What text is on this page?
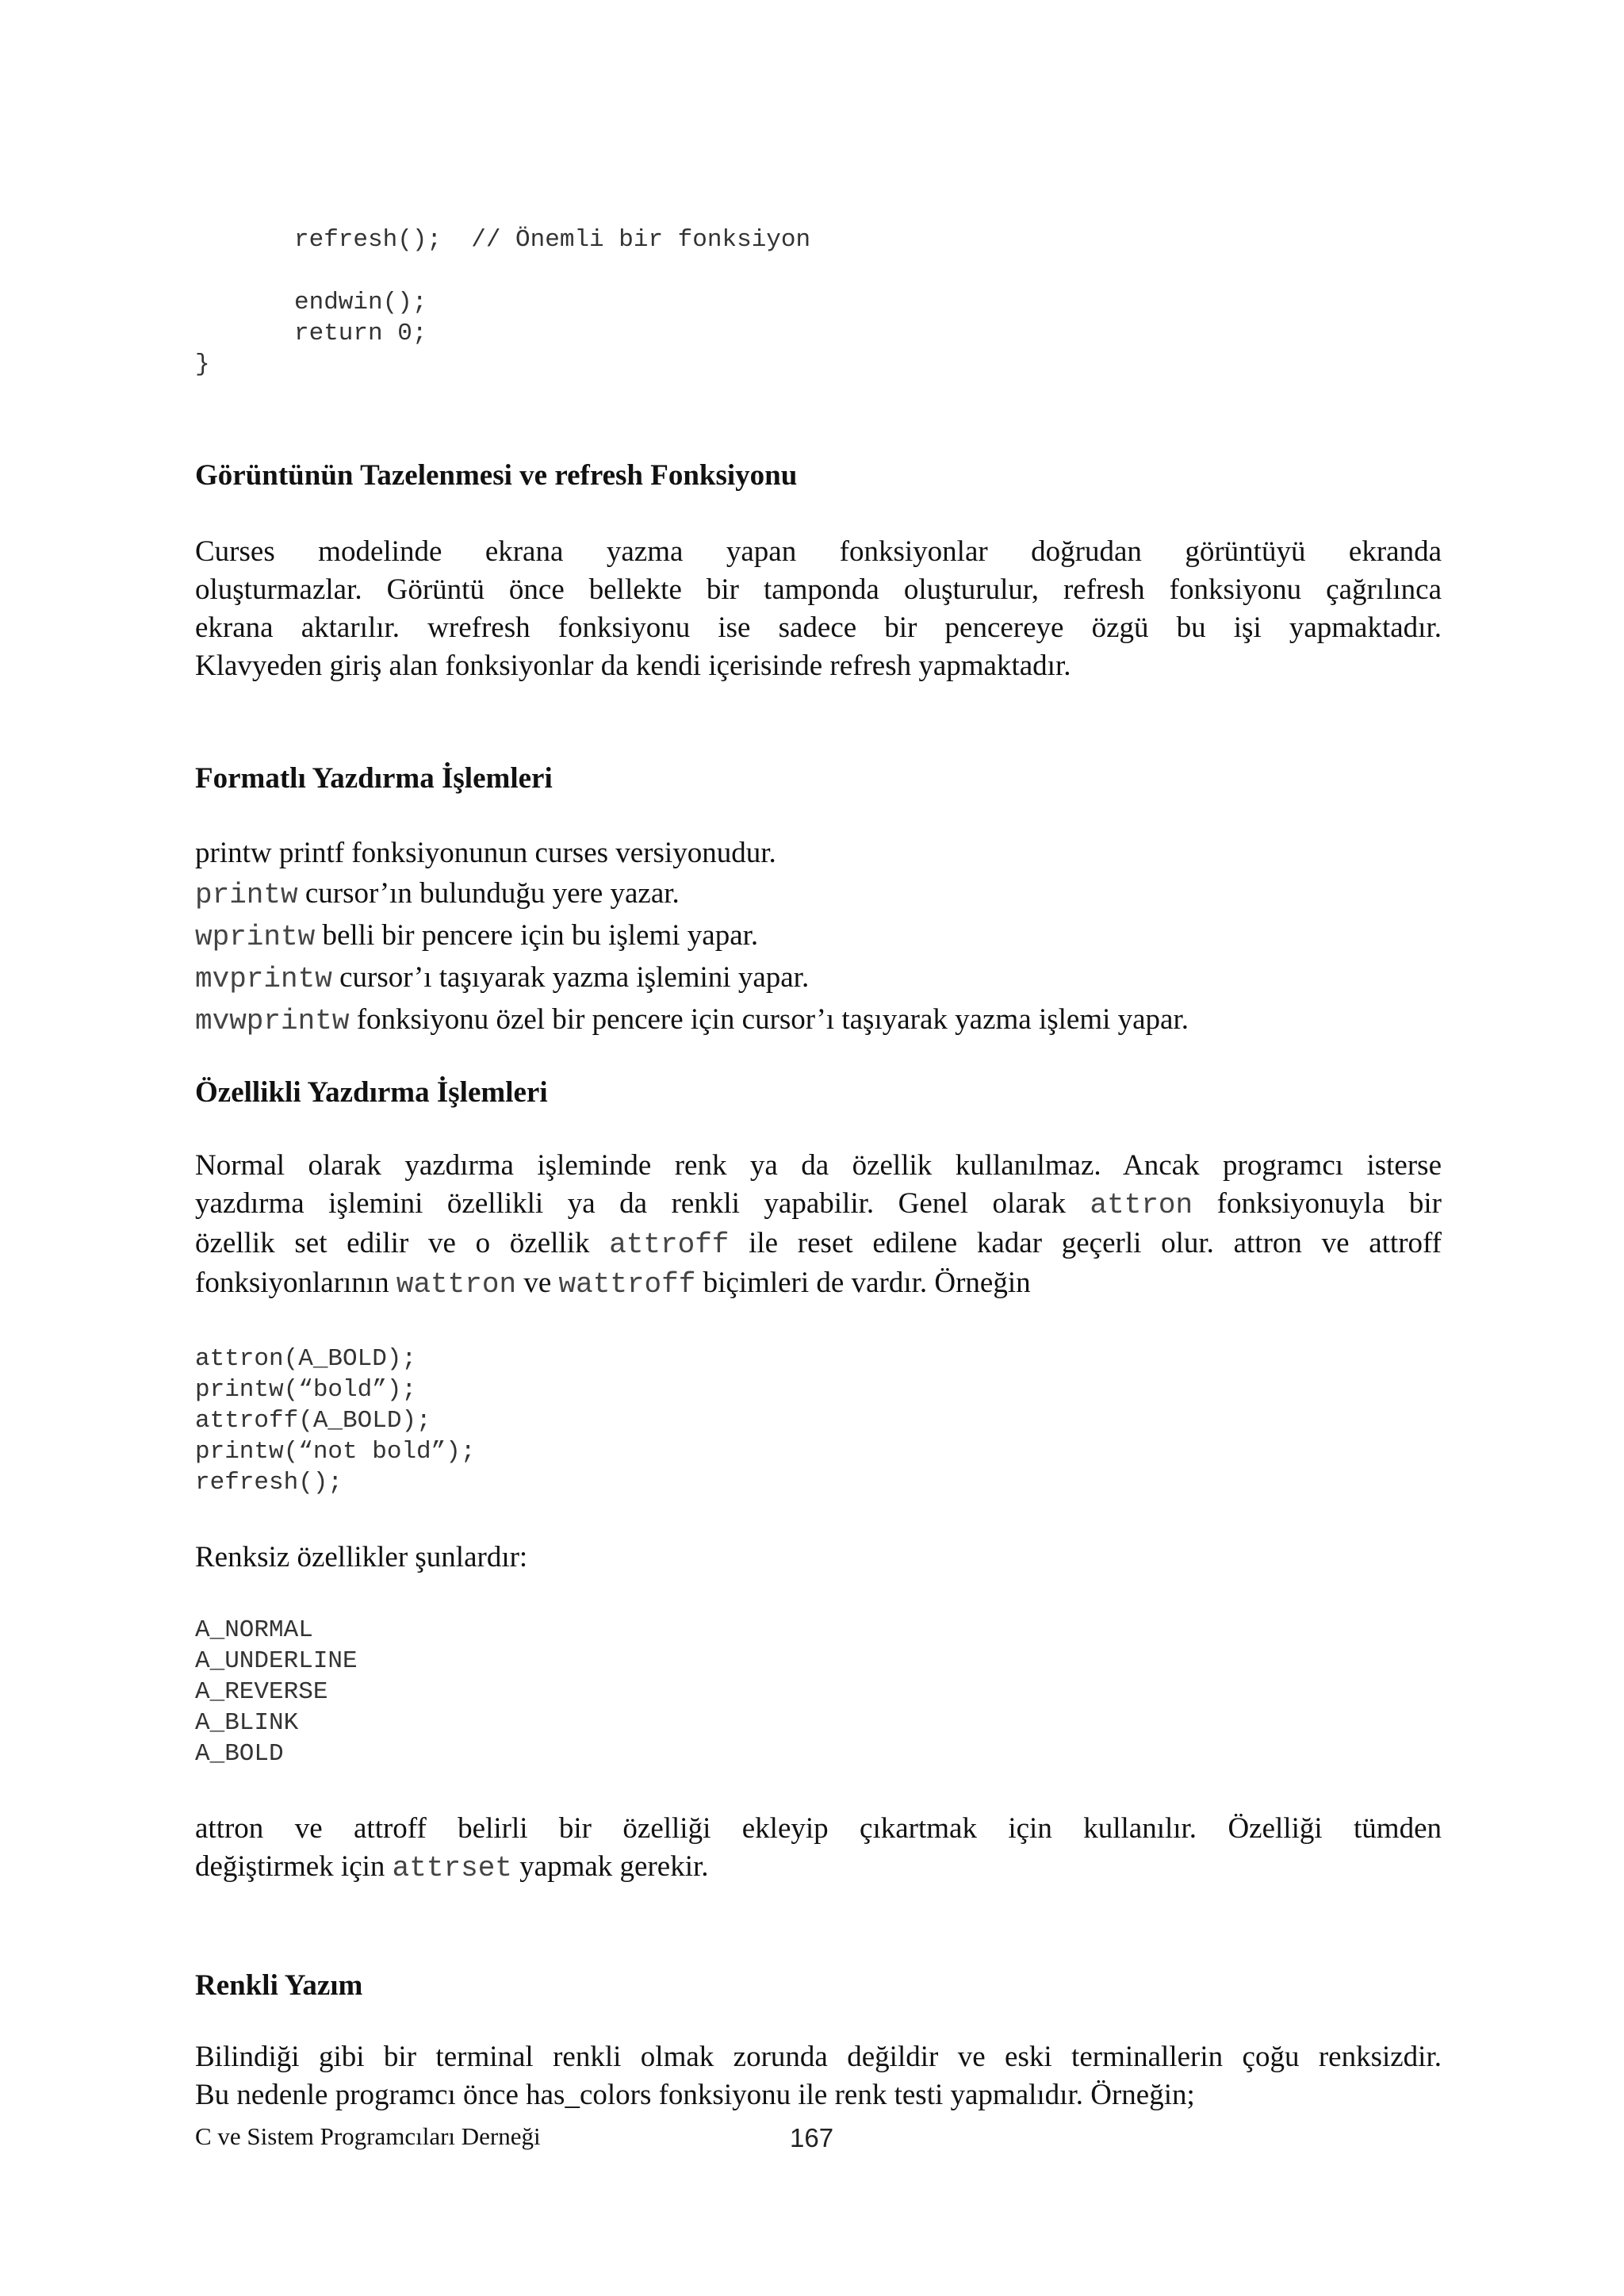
refresh();  // Önemli bir fonksiyon
endwin();
return 0;
}
Görüntünün Tazelenmesi ve refresh Fonksiyonu
Curses modelinde ekrana yazma yapan fonksiyonlar doğrudan görüntüyü ekranda
oluşturmazlar. Görüntü önce bellekte bir tamponda oluşturulur, refresh fonksiyonu çağrılınca
ekrana aktarılır. wrefresh fonksiyonu ise sadece bir pencereye özgü bu işi yapmaktadır.
Klavyeden giriş alan fonksiyonlar da kendi içerisinde refresh yapmaktadır.
Formatlı Yazdırma İşlemleri
printw printf fonksiyonunun curses versiyonudur.
printw cursor’ın bulunduğu yere yazar.
wprintw belli bir pencere için bu işlemi yapar.
mvprintw cursor’ı taşıyarak yazma işlemini yapar.
mvwprintw fonksiyonu özel bir pencere için cursor’ı taşıyarak yazma işlemi yapar.
Özellikli Yazdırma İşlemleri
Normal olarak yazdırma işleminde renk ya da özellik kullanılmaz. Ancak programcı isterse
yazdırma işlemini özellikli ya da renkli yapabilir. Genel olarak attron fonksiyonuyla bir
özellik set edilir ve o özellik attroff ile reset edilene kadar geçerli olur. attron ve attroff
fonksiyonlarının wattron ve wattroff biçimleri de vardır. Örneğin
attron(A_BOLD);
printw(“bold”);
attroff(A_BOLD);
printw(“not bold”);
refresh();

Renksiz özellikler şunlardır:

A_NORMAL
A_UNDERLINE
A_REVERSE
A_BLINK
A_BOLD
attron ve attroff belirli bir özelliği ekleyip çıkartmak için kullanılır. Özelliği tümden
değiştirmek için attrset yapmak gerekir.
Renkli Yazım
Bilindiği gibi bir terminal renkli olmak zorunda değildir ve eski terminallerin çoğu renksizdir.
Bu nedenle programcı önce has_colors fonksiyonu ile renk testi yapmalıdır. Örneğin;
C ve Sistem Programcıları Derneği	167
